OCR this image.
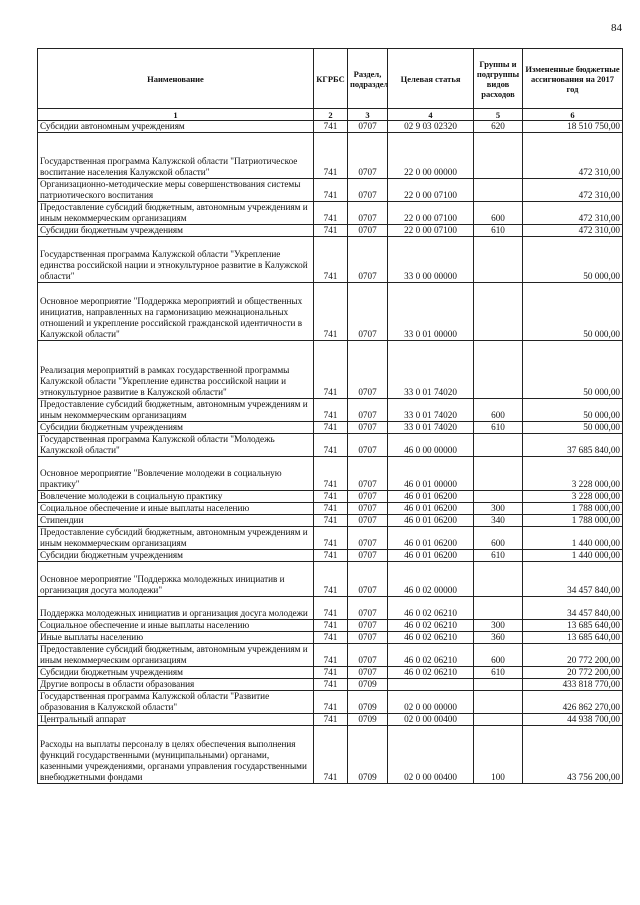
84
Наименование	КГРБС	Раздел, подраздел	Целевая статья	Группы и подгруппы видов расходов	Измененные бюджетные ассигнования на 2017 год
1	2	3	4	5	6
Субсидии автономным учреждениям	741	0707	02 9 03 02320	620	18 510 750,00
Государственная программа Калужской области "Патриотическое воспитание населения Калужской области"	741	0707	22 0 00 00000		472 310,00
Организационно-методические меры совершенствования системы патриотического воспитания	741	0707	22 0 00 07100		472 310,00
Предоставление субсидий бюджетным, автономным учреждениям и иным некоммерческим организациям	741	0707	22 0 00 07100	600	472 310,00
Субсидии бюджетным учреждениям	741	0707	22 0 00 07100	610	472 310,00
Государственная программа Калужской области "Укрепление единства российской нации и этнокультурное развитие в Калужской области"	741	0707	33 0 00 00000		50 000,00
Основное мероприятие "Поддержка мероприятий и общественных инициатив, направленных на гармонизацию межнациональных отношений и укрепление российской гражданской идентичности в Калужской области"	741	0707	33 0 01 00000		50 000,00
Реализация мероприятий в рамках государственной программы Калужской области "Укрепление единства российской нации и этнокультурное развитие в Калужской области"	741	0707	33 0 01 74020		50 000,00
Предоставление субсидий бюджетным, автономным учреждениям и иным некоммерческим организациям	741	0707	33 0 01 74020	600	50 000,00
Субсидии бюджетным учреждениям	741	0707	33 0 01 74020	610	50 000,00
Государственная программа Калужской области "Молодежь Калужской области"	741	0707	46 0 00 00000		37 685 840,00
Основное мероприятие "Вовлечение молодежи в социальную практику"	741	0707	46 0 01 00000		3 228 000,00
Вовлечение молодежи в социальную практику	741	0707	46 0 01 06200		3 228 000,00
Социальное обеспечение и иные выплаты населению	741	0707	46 0 01 06200	300	1 788 000,00
Стипендии	741	0707	46 0 01 06200	340	1 788 000,00
Предоставление субсидий бюджетным, автономным учреждениям и иным некоммерческим организациям	741	0707	46 0 01 06200	600	1 440 000,00
Субсидии бюджетным учреждениям	741	0707	46 0 01 06200	610	1 440 000,00
Основное мероприятие "Поддержка молодежных инициатив и организация досуга молодежи"	741	0707	46 0 02 00000		34 457 840,00
Поддержка молодежных инициатив и организация досуга молодежи	741	0707	46 0 02 06210		34 457 840,00
Социальное обеспечение и иные выплаты населению	741	0707	46 0 02 06210	300	13 685 640,00
Иные выплаты населению	741	0707	46 0 02 06210	360	13 685 640,00
Предоставление субсидий бюджетным, автономным учреждениям и иным некоммерческим организациям	741	0707	46 0 02 06210	600	20 772 200,00
Субсидии бюджетным учреждениям	741	0707	46 0 02 06210	610	20 772 200,00
Другие вопросы в области образования	741	0709			433 818 770,00
Государственная программа Калужской области "Развитие образования в Калужской области"	741	0709	02 0 00 00000		426 862 270,00
Центральный аппарат	741	0709	02 0 00 00400		44 938 700,00
Расходы на выплаты персоналу в целях обеспечения выполнения функций государственными (муниципальными) органами, казенными учреждениями, органами управления государственными внебюджетными фондами	741	0709	02 0 00 00400	100	43 756 200,00
